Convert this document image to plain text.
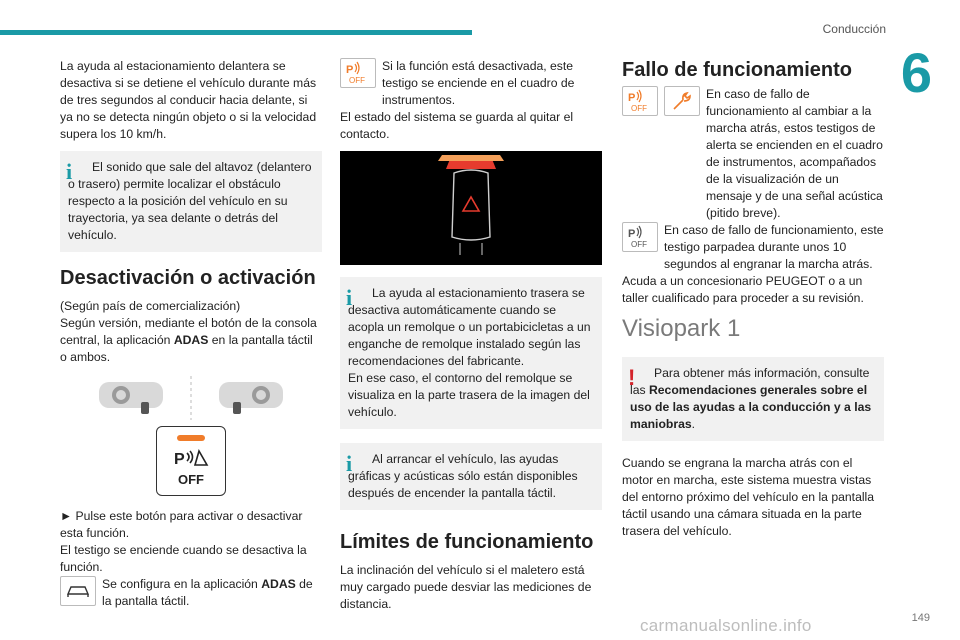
Conducción
6

La ayuda al estacionamiento delantera se desactiva si se detiene el vehículo durante más de tres segundos al conducir hacia delante, si ya no se detecta ningún objeto o si la velocidad supera los 10 km/h.

i	El sonido que sale del altavoz (delantero o trasero) permite localizar el obstáculo respecto a la posición del vehículo en su trayectoria, ya sea delante o detrás del vehículo.

Desactivación o activación

(Según país de comercialización)

Según versión, mediante el botón de la consola central, la aplicación ADAS en la pantalla táctil o ambos.

P
OFF

► Pulse este botón para activar o desactivar esta función.

El testigo se enciende cuando se desactiva la función.

Se configura en la aplicación ADAS de la pantalla táctil.

P
OFF

Si la función está desactivada, este testigo se enciende en el cuadro de instrumentos.

El estado del sistema se guarda al quitar el contacto.

i	La ayuda al estacionamiento trasera se desactiva automáticamente cuando se acopla un remolque o un portabicicletas a un enganche de remolque instalado según las recomendaciones del fabricante.

En ese caso, el contorno del remolque se visualiza en la parte trasera de la imagen del vehículo.

i	Al arrancar el vehículo, las ayudas gráficas y acústicas sólo están disponibles después de encender la pantalla táctil.

Límites de funcionamiento

La inclinación del vehículo si el maletero está muy cargado puede desviar las mediciones de distancia.

Fallo de funcionamiento
P
OFF

En caso de fallo de funcionamiento al cambiar a la marcha atrás, estos testigos de alerta se encienden en el cuadro de instrumentos, acompañados de la visualización de un mensaje y de una señal acústica (pitido breve).

P
OFF

En caso de fallo de funcionamiento, este testigo parpadea durante unos 10 segundos al engranar la marcha atrás.

Acuda a un concesionario PEUGEOT o a un taller cualificado para proceder a su revisión.

Visiopark 1
!	Para obtener más información, consulte las Recomendaciones generales sobre el uso de las ayudas a la conducción y a las maniobras.

Cuando se engrana la marcha atrás con el motor en marcha, este sistema muestra vistas del entorno próximo del vehículo en la pantalla táctil usando una cámara situada en la parte trasera del vehículo.

149
carmanualsonline.info
